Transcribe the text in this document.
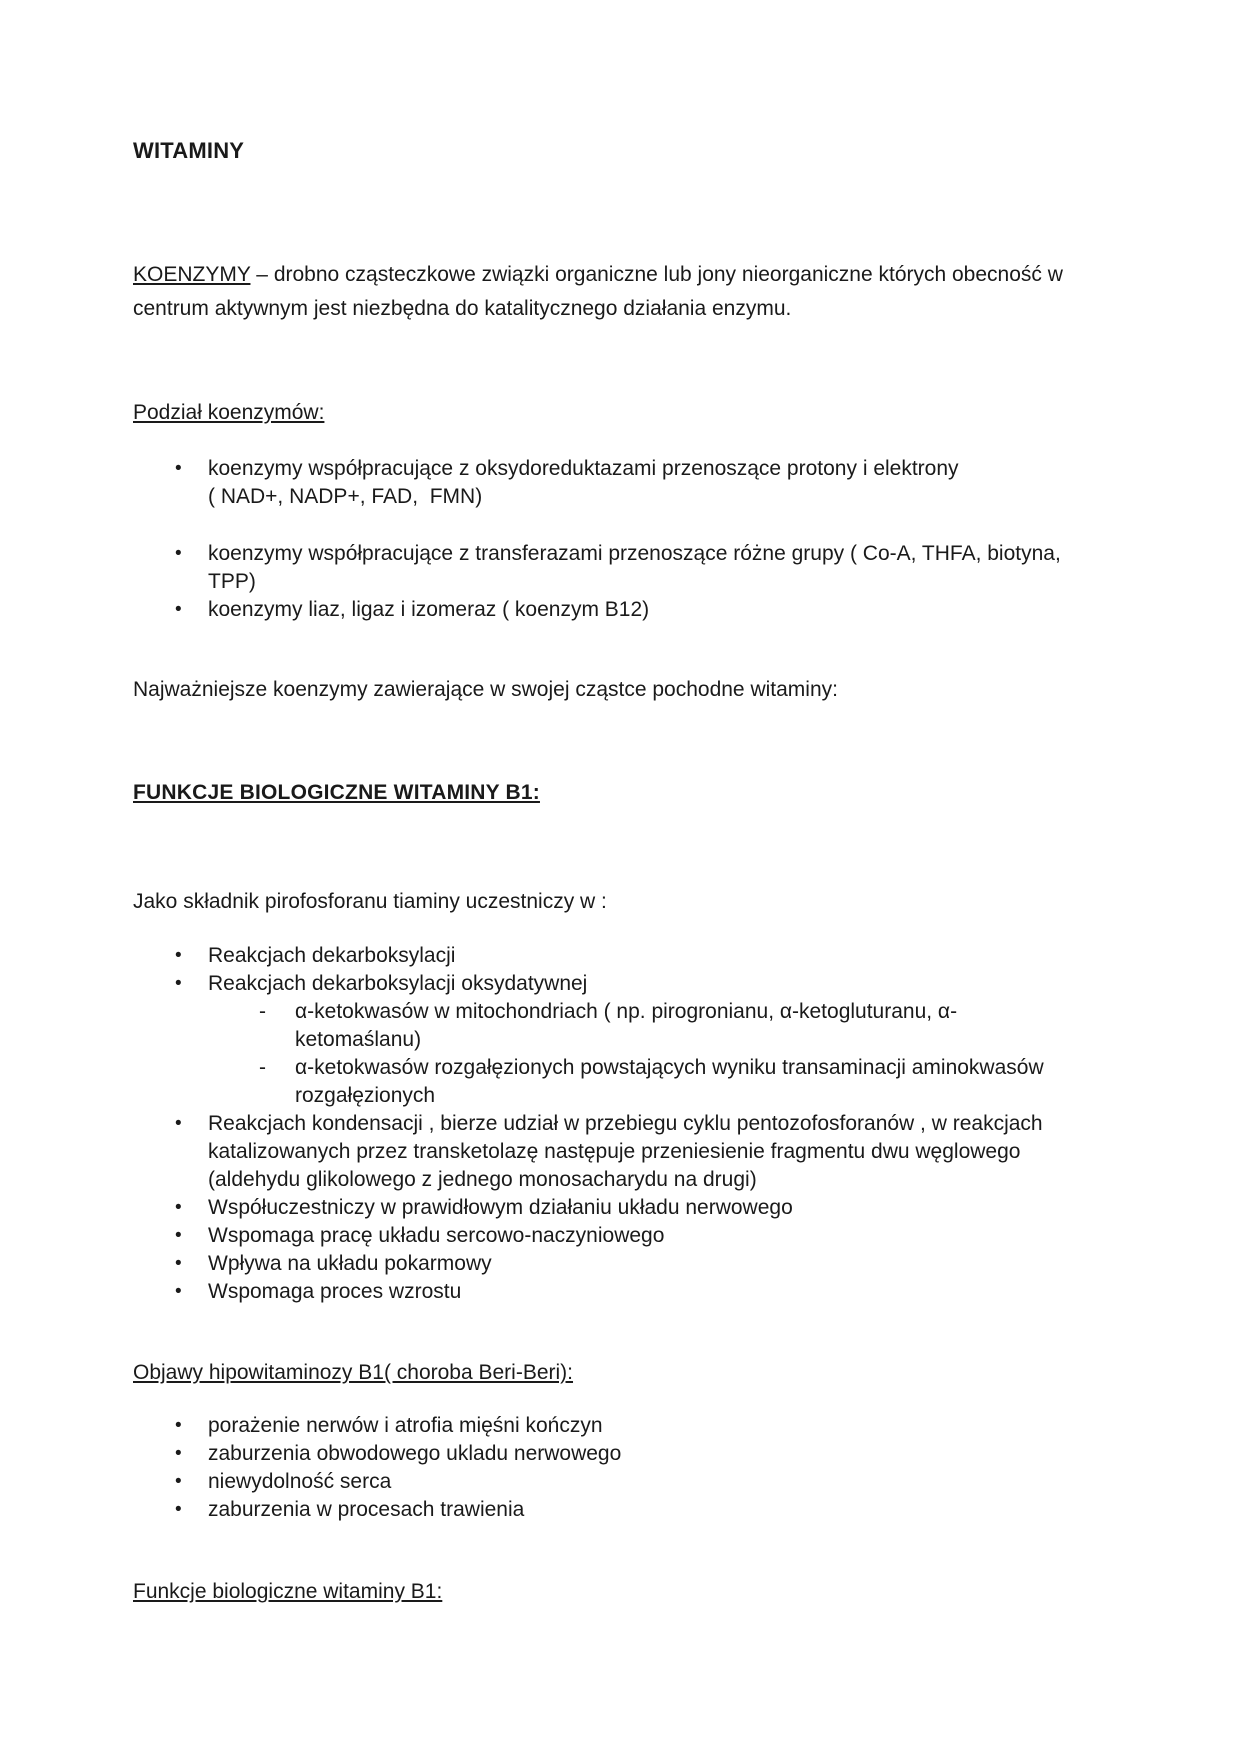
WITAMINY

KOENZYMY – drobno cząsteczkowe związki organiczne lub jony nieorganiczne których obecność w
centrum aktywnym jest niezbędna do katalitycznego działania enzymu.

Podział koenzymów:
•	koenzymy współpracujące z oksydoreduktazami przenoszące protony i elektrony
( NAD+, NADP+, FAD,  FMN)
•	koenzymy współpracujące z transferazami przenoszące różne grupy ( Co-A, THFA, biotyna,
TPP)
•	koenzymy liaz, ligaz i izomeraz ( koenzym B12)

Najważniejsze koenzymy zawierające w swojej cząstce pochodne witaminy:

FUNKCJE BIOLOGICZNE WITAMINY B1:

Jako składnik pirofosforanu tiaminy uczestniczy w :

•	Reakcjach dekarboksylacji
•	Reakcjach dekarboksylacji oksydatywnej
-	α-ketokwasów w mitochondriach ( np. pirogronianu, α-ketogluturanu, α-
ketomaślanu)
-	α-ketokwasów rozgałęzionych powstających wyniku transaminacji aminokwasów
rozgałęzionych
•	Reakcjach kondensacji , bierze udział w przebiegu cyklu pentozofosforanów , w reakcjach
katalizowanych przez transketolazę następuje przeniesienie fragmentu dwu węglowego
(aldehydu glikolowego z jednego monosacharydu na drugi)
•	Współuczestniczy w prawidłowym działaniu układu nerwowego
•	Wspomaga pracę układu sercowo-naczyniowego
•	Wpływa na układu pokarmowy
•	Wspomaga proces wzrostu
Objawy hipowitaminozy B1( choroba Beri-Beri):
•	porażenie nerwów i atrofia mięśni kończyn
•	zaburzenia obwodowego ukladu nerwowego
•	niewydolność serca
•	zaburzenia w procesach trawienia
Funkcje biologiczne witaminy B1:
